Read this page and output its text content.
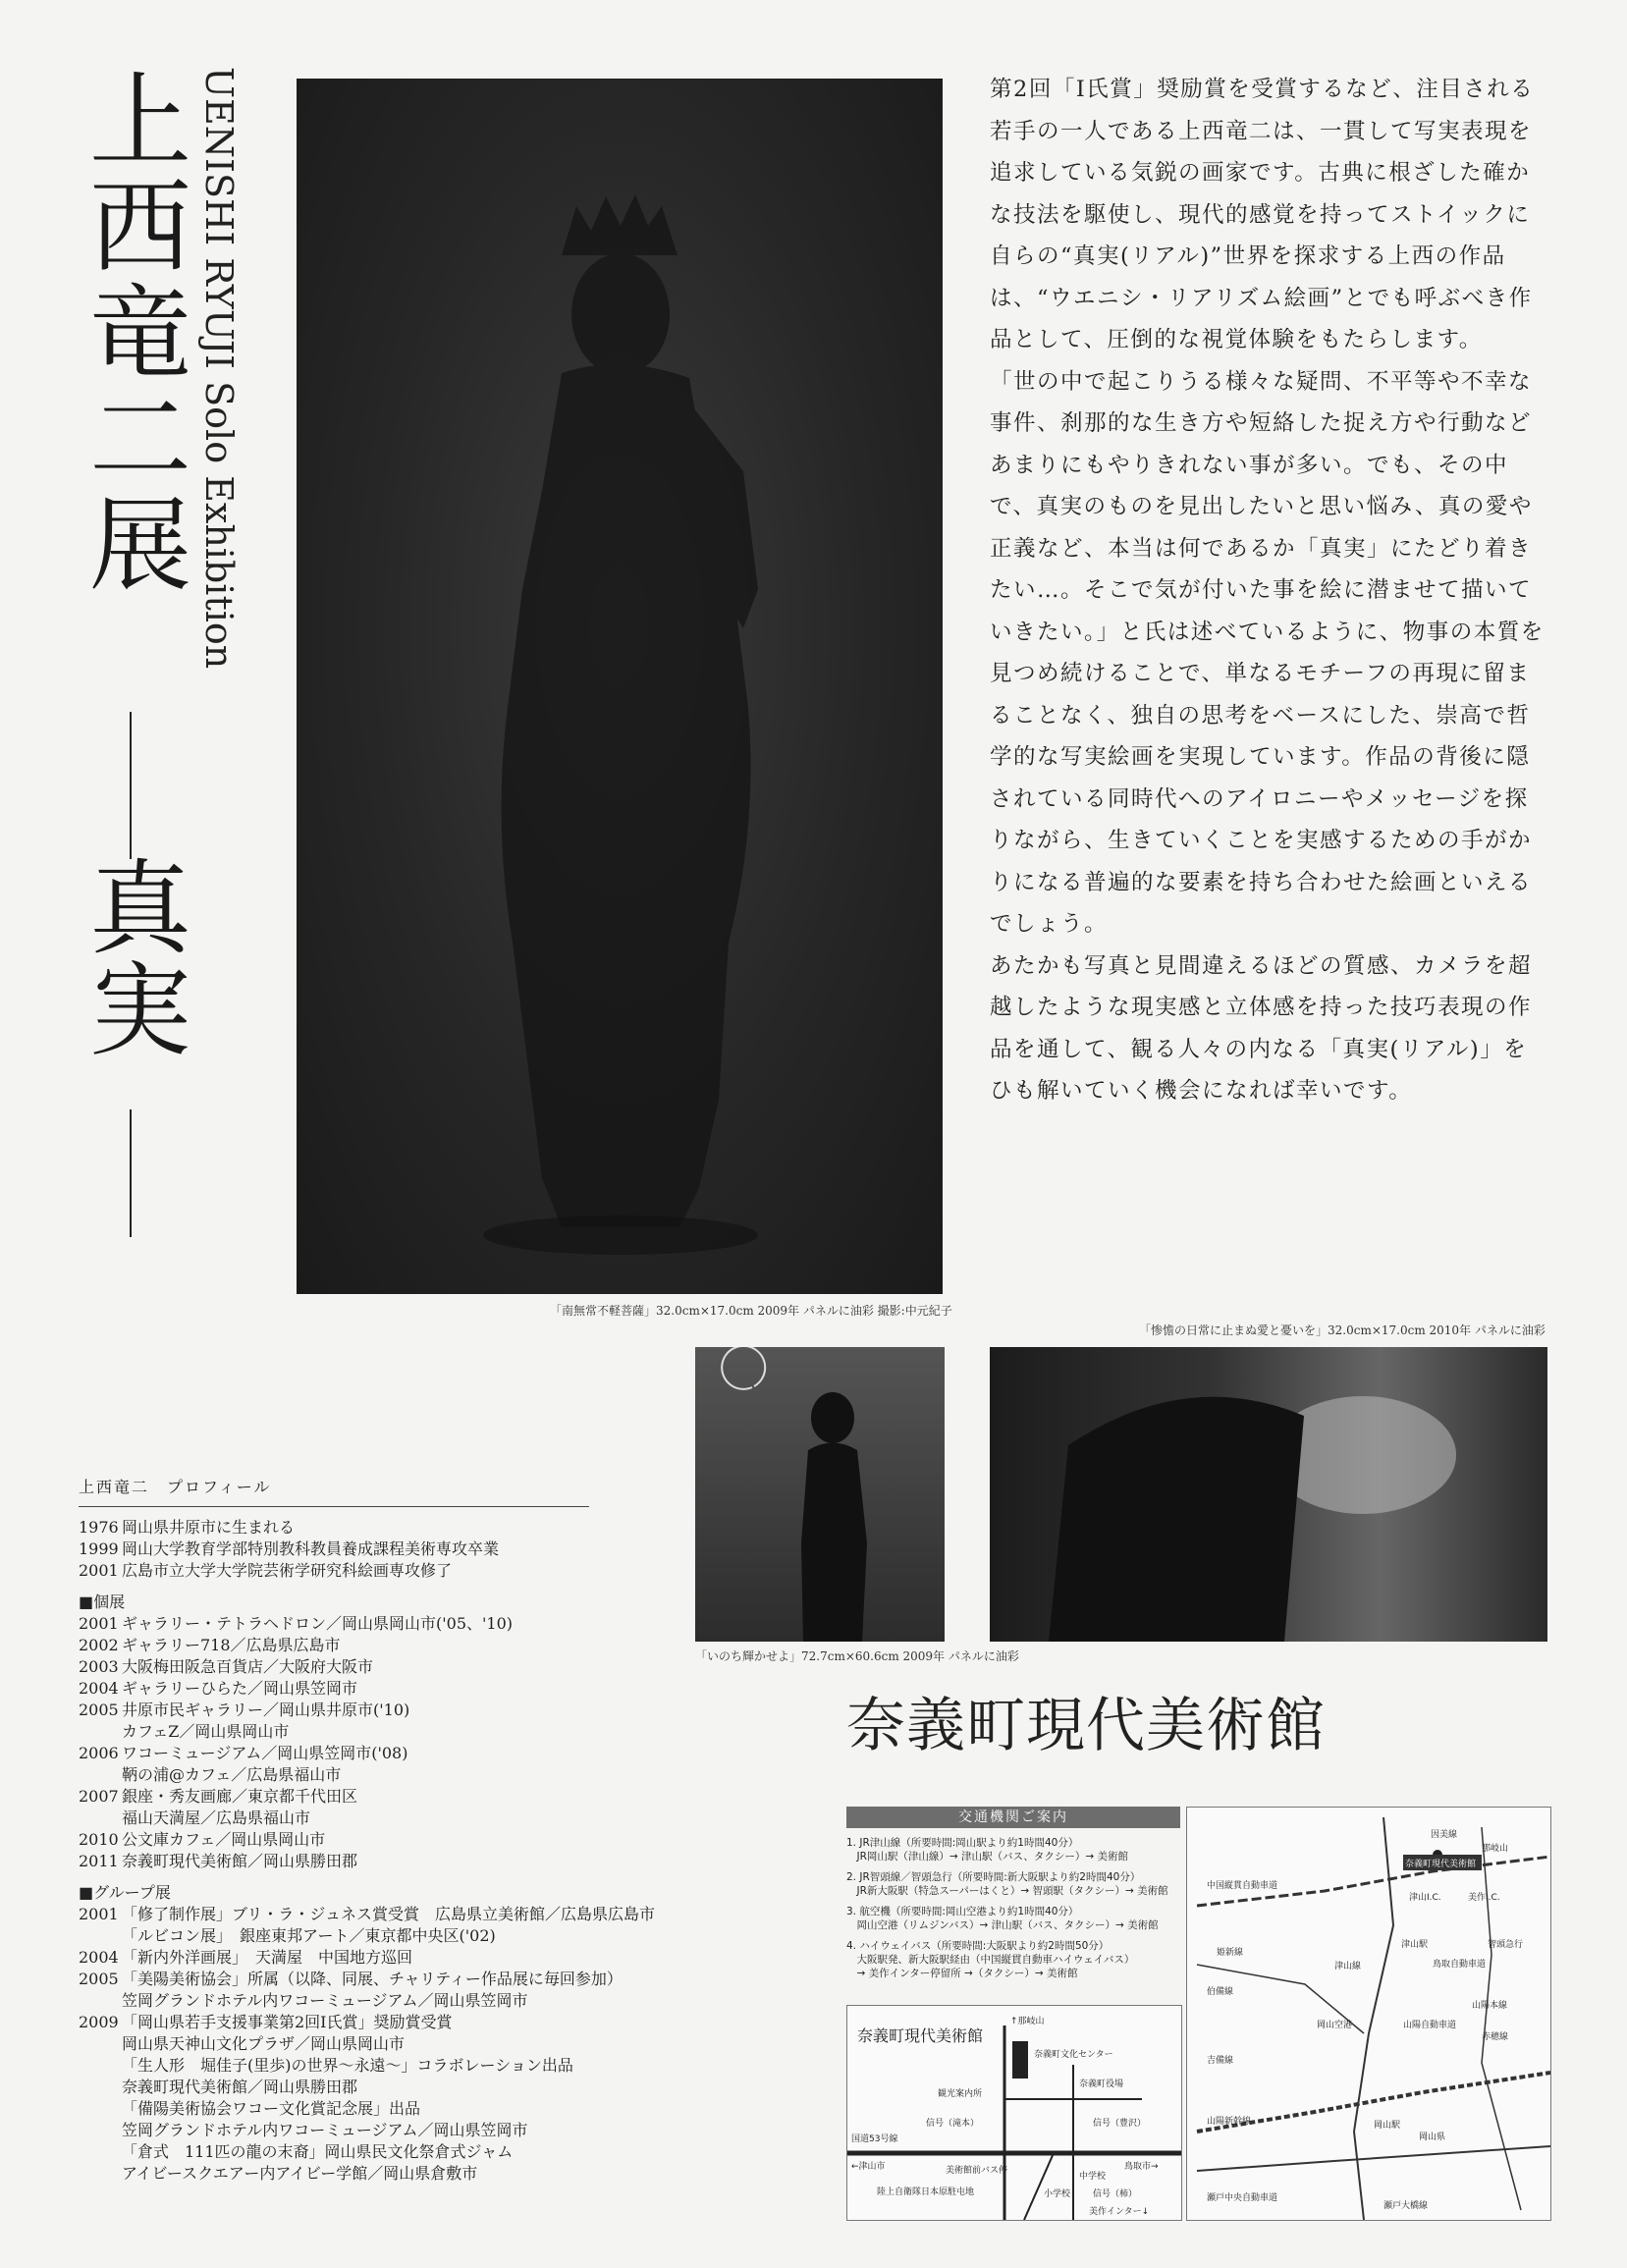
上西竜二展
真実
UENISHI RYUJI Solo Exhibition
「南無常不軽菩薩」32.0cm×17.0cm 2009年 パネルに油彩 撮影:中元紀子

第2回「I氏賞」奨励賞を受賞するなど、注目される若手の一人である上西竜二は、一貫して写実表現を追求している気鋭の画家です。古典に根ざした確かな技法を駆使し、現代的感覚を持ってストイックに自らの“真実(リアル)”世界を探求する上西の作品は、“ウエニシ・リアリズム絵画”とでも呼ぶべき作品として、圧倒的な視覚体験をもたらします。

「世の中で起こりうる様々な疑問、不平等や不幸な事件、刹那的な生き方や短絡した捉え方や行動などあまりにもやりきれない事が多い。でも、その中で、真実のものを見出したいと思い悩み、真の愛や正義など、本当は何であるか「真実」にたどり着きたい…。そこで気が付いた事を絵に潜ませて描いていきたい。」と氏は述べているように、物事の本質を見つめ続けることで、単なるモチーフの再現に留まることなく、独自の思考をベースにした、崇高で哲学的な写実絵画を実現しています。作品の背後に隠されている同時代へのアイロニーやメッセージを探りながら、生きていくことを実感するための手がかりになる普遍的な要素を持ち合わせた絵画といえるでしょう。

あたかも写真と見間違えるほどの質感、カメラを超越したような現実感と立体感を持った技巧表現の作品を通して、観る人々の内なる「真実(リアル)」をひも解いていく機会になれば幸いです。

「惨憺の日常に止まぬ愛と憂いを」32.0cm×17.0cm 2010年 パネルに油彩
「いのち輝かせよ」72.7cm×60.6cm 2009年 パネルに油彩
上西竜二　プロフィール
1976 岡山県井原市に生まれる
1999 岡山大学教育学部特別教科教員養成課程美術専攻卒業
2001 広島市立大学大学院芸術学研究科絵画専攻修了
■個展
2001 ギャラリー・テトラヘドロン／岡山県岡山市('05、'10)
2002 ギャラリー718／広島県広島市
2003 大阪梅田阪急百貨店／大阪府大阪市
2004 ギャラリーひらた／岡山県笠岡市
2005 井原市民ギャラリー／岡山県井原市('10)
カフェZ／岡山県岡山市
2006 ワコーミュージアム／岡山県笠岡市('08)
鞆の浦@カフェ／広島県福山市
2007 銀座・秀友画廊／東京都千代田区
福山天満屋／広島県福山市
2010 公文庫カフェ／岡山県岡山市
2011 奈義町現代美術館／岡山県勝田郡
■グループ展
2001 「修了制作展」ブリ・ラ・ジュネス賞受賞　広島県立美術館／広島県広島市
「ルビコン展」　銀座東邦アート／東京都中央区('02)
2004 「新内外洋画展」　天満屋　中国地方巡回
2005 「美陽美術協会」所属（以降、同展、チャリティー作品展に毎回参加）
笠岡グランドホテル内ワコーミュージアム／岡山県笠岡市
2009 「岡山県若手支援事業第2回I氏賞」奨励賞受賞
岡山県天神山文化プラザ／岡山県岡山市
「生人形　堀佳子(里歩)の世界～永遠～」コラボレーション出品
奈義町現代美術館／岡山県勝田郡
「備陽美術協会ワコー文化賞記念展」出品
笠岡グランドホテル内ワコーミュージアム／岡山県笠岡市
「倉式　111匹の龍の末裔」岡山県民文化祭倉式ジャム
アイビースクエアー内アイビー学館／岡山県倉敷市
奈義町現代美術館
交通機関ご案内
1. JR津山線（所要時間:岡山駅より約1時間40分）
　JR岡山駅（津山線）→ 津山駅（バス、タクシー）→ 美術館
2. JR智頭線／智頭急行（所要時間:新大阪駅より約2時間40分）
　JR新大阪駅（特急スーパーはくと）→ 智頭駅（タクシー）→ 美術館
3. 航空機（所要時間:岡山空港より約1時間40分）
　岡山空港（リムジンバス）→ 津山駅（バス、タクシー）→ 美術館
4. ハイウェイバス（所要時間:大阪駅より約2時間50分）
　大阪駅発、新大阪駅経由（中国縦貫自動車ハイウェイバス）
　→ 美作インター停留所 →（タクシー）→ 美術館
奈義町現代美術館
↑那岐山
奈義町文化センター
奈義町役場
観光案内所
信号（滝本）	信号（豊沢）
国道53号線
←津山市	鳥取市→
美術館前バス停
陸上自衛隊日本原駐屯地
中学校
小学校	信号（柿）
美作インター↓
因美線
那岐山
奈義町現代美術館
中国縦貫自動車道
津山I.C.	美作I.C.
姫新線
津山線
津山駅
鳥取自動車道
智頭急行
岡山空港	山陽自動車道
山陽本線
山陽新幹線	岡山駅
岡山県
瀬戸中央自動車道
瀬戸大橋線
伯備線
吉備線
赤穂線
